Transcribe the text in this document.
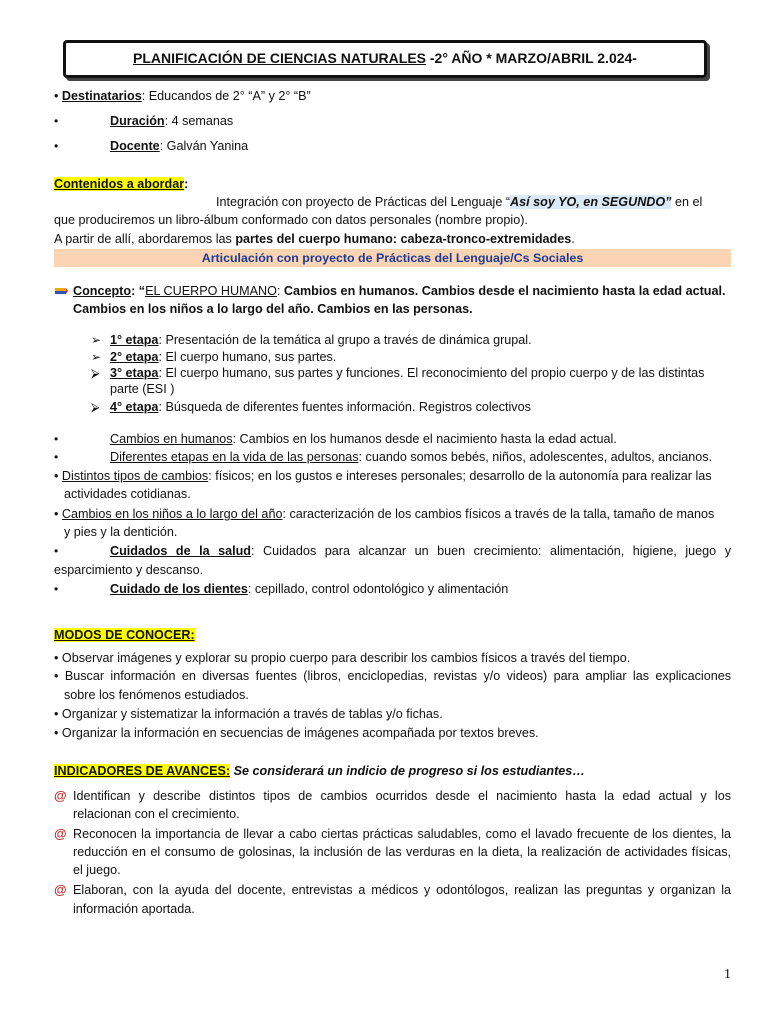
PLANIFICACIÓN DE CIENCIAS NATURALES -2° AÑO * MARZO/ABRIL 2.024-
• Destinatarios: Educandos de 2° “A” y 2° “B”
•	Duración: 4 semanas
•	Docente: Galván Yanina
Contenidos a abordar:
Integración con proyecto de Prácticas del Lenguaje “Así soy YO, en SEGUNDO” en el
que produciremos un libro-álbum conformado con datos personales (nombre propio).
A partir de allí, abordaremos las partes del cuerpo humano: cabeza-tronco-extremidades.
Articulación con proyecto de Prácticas del Lenguaje/Cs Sociales
Concepto: “EL CUERPO HUMANO: Cambios en humanos. Cambios desde el nacimiento hasta la edad actual.
Cambios en los niños a lo largo del año. Cambios en las personas.
➢ 1° etapa: Presentación de la temática al grupo a través de dinámica grupal.
➢ 2° etapa: El cuerpo humano, sus partes.
⮚ 3° etapa: El cuerpo humano, sus partes y funciones. El reconocimiento del propio cuerpo y de las distintas
parte (ESI )
⮚ 4° etapa: Búsqueda de diferentes fuentes información. Registros colectivos
•	Cambios en humanos: Cambios en los humanos desde el nacimiento hasta la edad actual.
•	Diferentes etapas en la vida de las personas: cuando somos bebés, niños, adolescentes, adultos, ancianos.
• Distintos tipos de cambios: físicos; en los gustos e intereses personales; desarrollo de la autonomía para realizar las
actividades cotidianas.
• Cambios en los niños a lo largo del año: caracterización de los cambios físicos a través de la talla, tamaño de manos
y pies y la dentición.
•	Cuidados de la salud: Cuidados para alcanzar un buen crecimiento: alimentación, higiene, juego y
esparcimiento y descanso.
•	Cuidado de los dientes: cepillado, control odontológico y alimentación
MODOS DE CONOCER:
• Observar imágenes y explorar su propio cuerpo para describir los cambios físicos a través del tiempo.
• Buscar información en diversas fuentes (libros, enciclopedias, revistas y/o videos) para ampliar las explicaciones
sobre los fenómenos estudiados.
• Organizar y sistematizar la información a través de tablas y/o fichas.
• Organizar la información en secuencias de imágenes acompañada por textos breves.
INDICADORES DE AVANCES: Se considerará un indicio de progreso si los estudiantes…
@ Identifican y describe distintos tipos de cambios ocurridos desde el nacimiento hasta la edad actual y los
relacionan con el crecimiento.
@ Reconocen la importancia de llevar a cabo ciertas prácticas saludables, como el lavado frecuente de los dientes, la
reducción en el consumo de golosinas, la inclusión de las verduras en la dieta, la realización de actividades físicas,
el juego.
@ Elaboran, con la ayuda del docente, entrevistas a médicos y odontólogos, realizan las preguntas y organizan la
información aportada.
1
